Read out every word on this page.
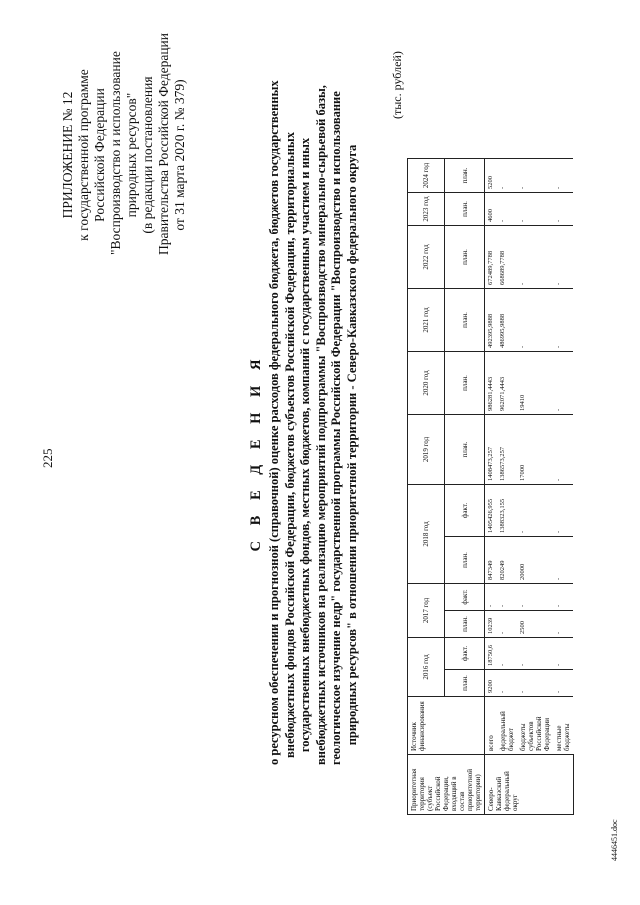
225
ПРИЛОЖЕНИЕ № 12 к государственной программе Российской Федерации "Воспроизводство и использование природных ресурсов" (в редакции постановления Правительства Российской Федерации от 31 марта 2020 г. № 379)
С В Е Д Е Н И Я о ресурсном обеспечении и прогнозной (справочной) оценке расходов федерального бюджета, бюджетов государственных внебюджетных фондов Российской Федерации, бюджетов субъектов Российской Федерации, территориальных государственных внебюджетных фондов, местных бюджетов, компаний с государственным участием и иных внебюджетных источников на реализацию мероприятий подпрограммы "Воспроизводство минерально-сырьевой базы, геологическое изучение недр" государственной программы Российской Федерации "Воспроизводство и использование природных ресурсов" в отношении приоритетной территории - Северо-Кавказского федерального округа
(тыс. рублей)
Приоритетная территория (субъект Российской Федерации, входящий в состав приоритетной территории)	Источник финансирования	2016 год		2017 год		2018 год		2019 год	2020 год	2021 год	2022 год	2023 год	2024 год
		план.	факт.	план.	факт.	план.	факт.	план.	план.	план.	план.	план.	план.
Северо-Кавказский федеральный округ	всего	9200	18750,6	10239	-	847349	1405426,955	1408473,257	986281,4443	492395,9888	672489,7788	4600	5200
	федеральный бюджет	-	-	-	-	820249	1388323,155	1386573,257	962071,4443	486995,9888	668689,7788	-	-
	бюджеты субъектов Российской Федерации	-	-	2500	-	20000	-	17000	19410	-	-	-	-
	местные бюджеты	-	-	-	-	-	-	-	-	-	-	-	-
4446451.doc
